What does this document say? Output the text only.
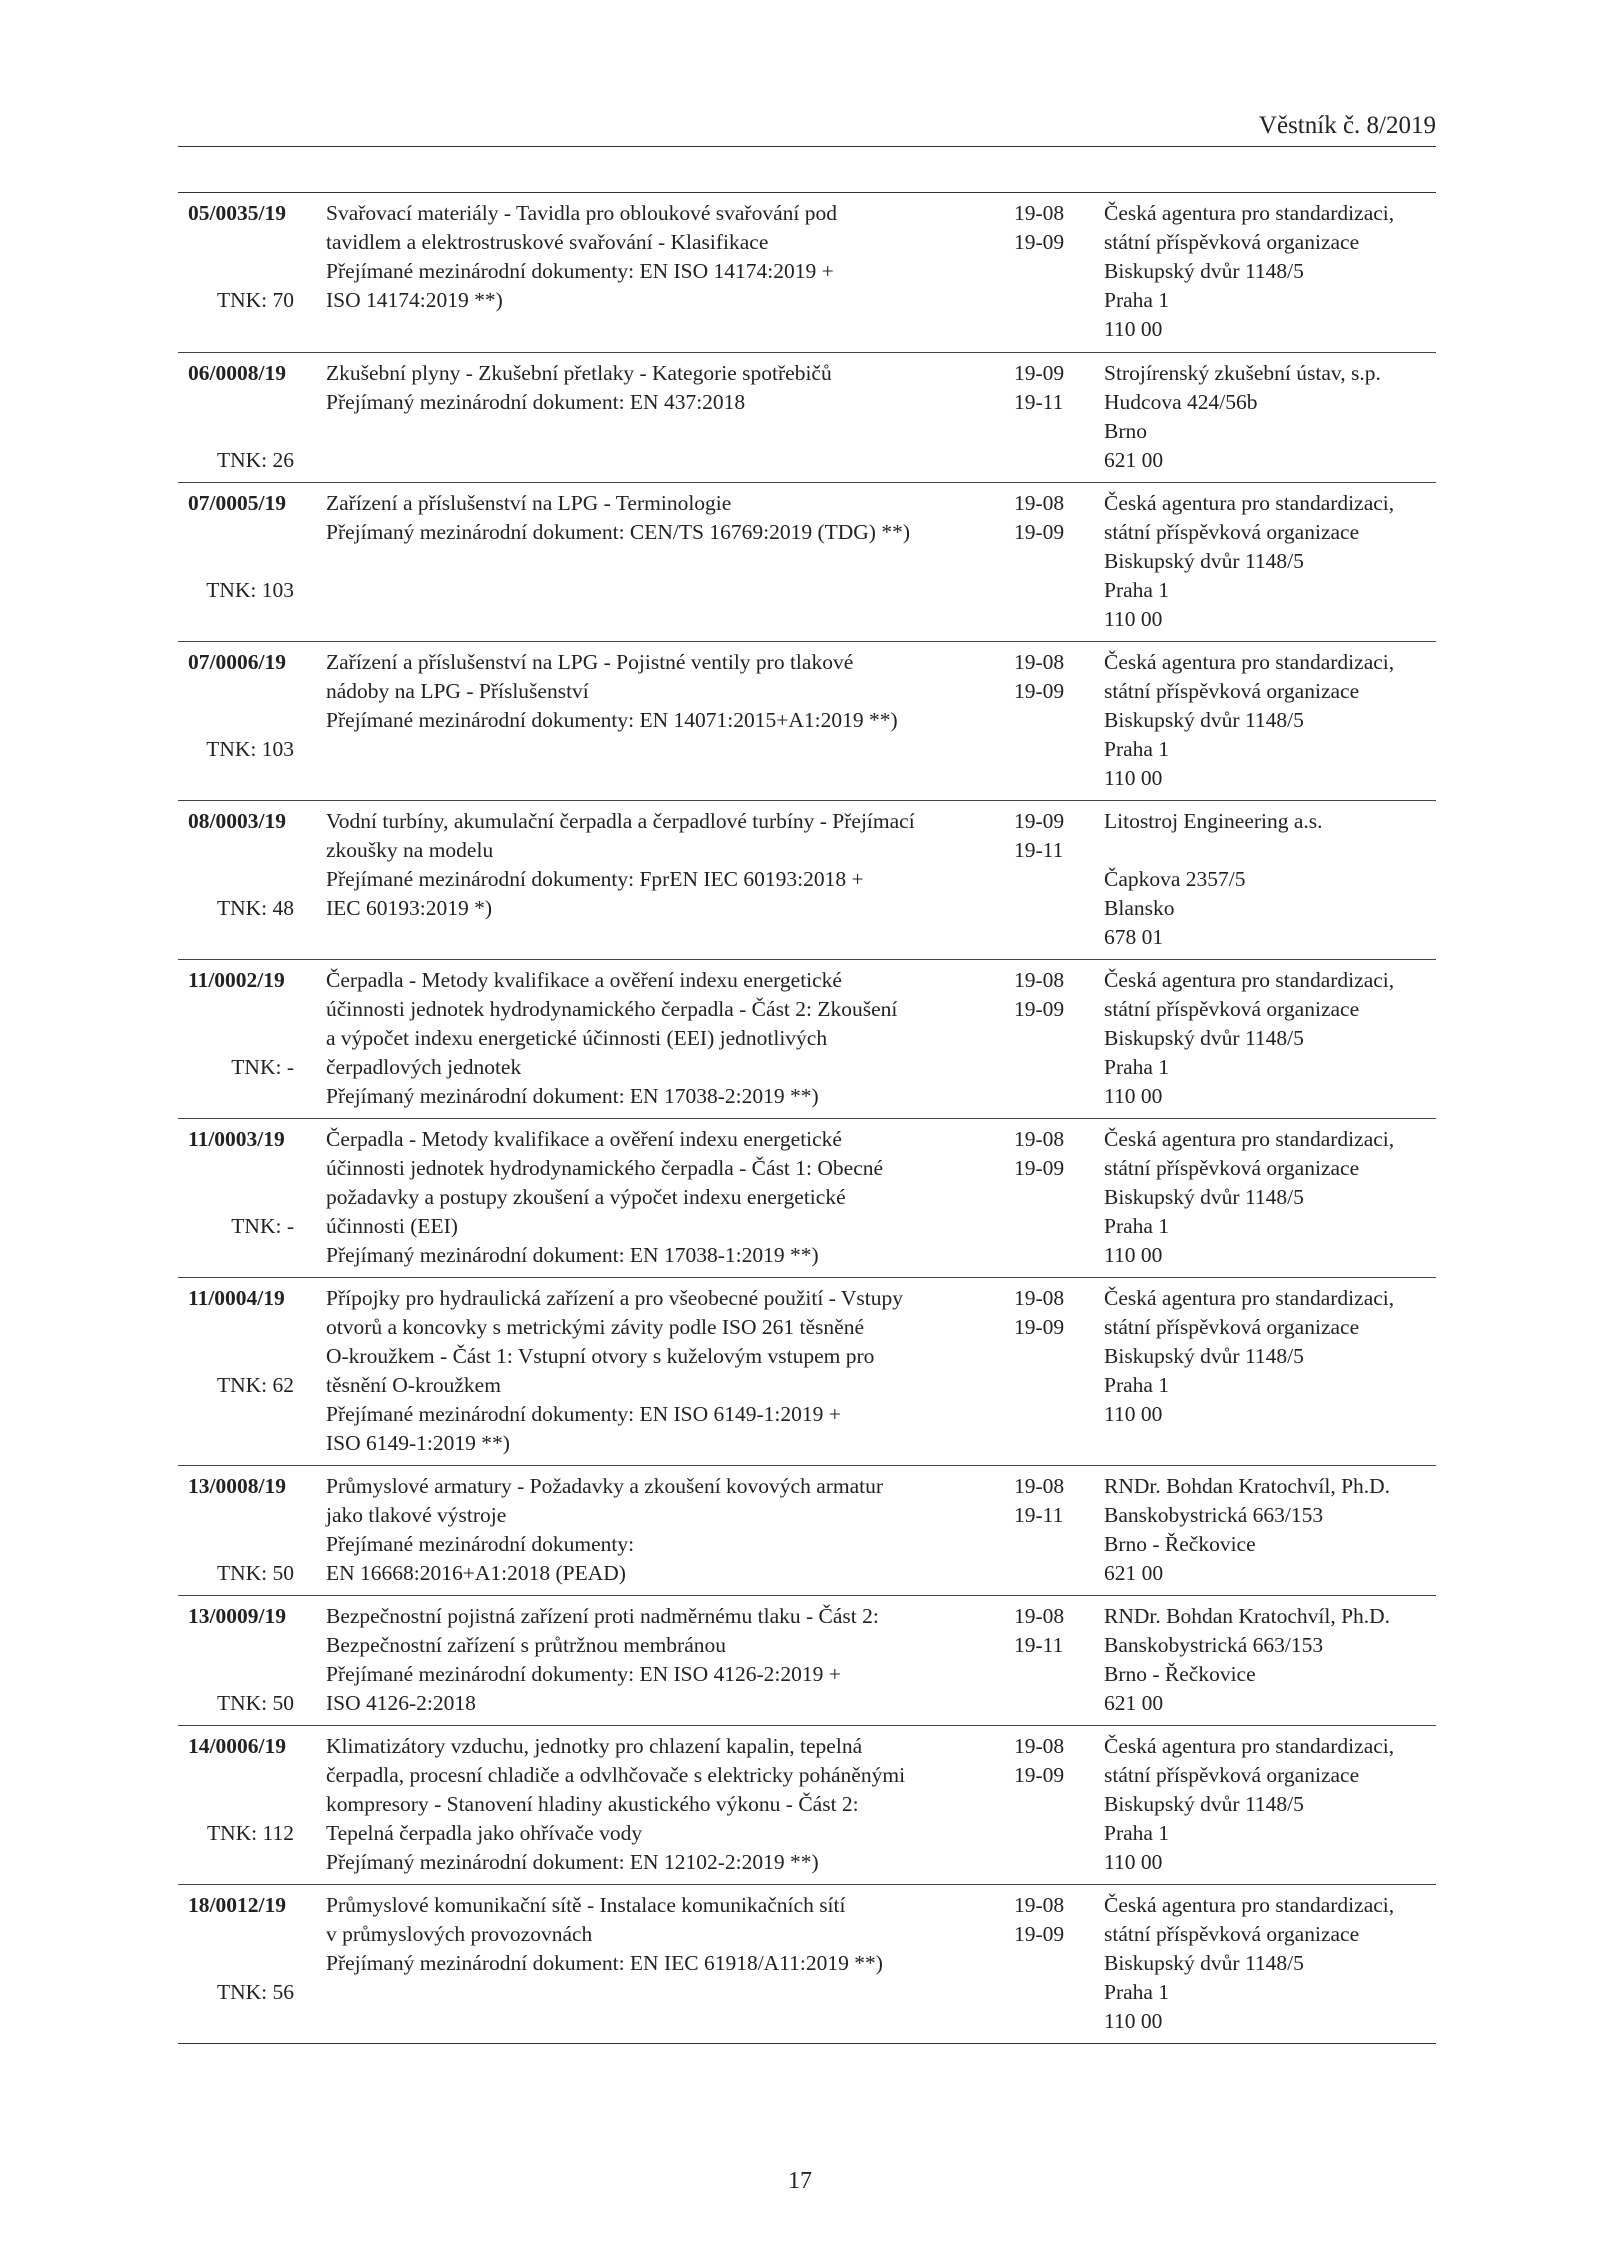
Věstník č. 8/2019
05/0035/19
TNK: 70
Svařovací materiály - Tavidla pro obloukové svařování pod
tavidlem a elektrostruskové svařování - Klasifikace
Přejímané mezinárodní dokumenty: EN ISO 14174:2019 +
ISO 14174:2019 **)
19-08
19-09
Česká agentura pro standardizaci,
státní příspěvková organizace
Biskupský dvůr 1148/5
Praha 1
110 00
06/0008/19
TNK: 26
Zkušební plyny - Zkušební přetlaky - Kategorie spotřebičů
Přejímaný mezinárodní dokument: EN 437:2018
19-09
19-11
Strojírenský zkušební ústav, s.p.
Hudcova 424/56b
Brno
621 00
07/0005/19
TNK: 103
Zařízení a příslušenství na LPG - Terminologie
Přejímaný mezinárodní dokument: CEN/TS 16769:2019 (TDG) **)
19-08
19-09
Česká agentura pro standardizaci,
státní příspěvková organizace
Biskupský dvůr 1148/5
Praha 1
110 00
07/0006/19
TNK: 103
Zařízení a příslušenství na LPG - Pojistné ventily pro tlakové
nádoby na LPG - Příslušenství
Přejímané mezinárodní dokumenty: EN 14071:2015+A1:2019 **)
19-08
19-09
Česká agentura pro standardizaci,
státní příspěvková organizace
Biskupský dvůr 1148/5
Praha 1
110 00
08/0003/19
TNK: 48
Vodní turbíny, akumulační čerpadla a čerpadlové turbíny - Přejímací
zkoušky na modelu
Přejímané mezinárodní dokumenty: FprEN IEC 60193:2018 +
IEC 60193:2019 *)
19-09
19-11
Litostroj Engineering a.s.
Čapkova 2357/5
Blansko
678 01
11/0002/19
TNK: -
Čerpadla - Metody kvalifikace a ověření indexu energetické
účinnosti jednotek hydrodynamického čerpadla - Část 2: Zkoušení
a výpočet indexu energetické účinnosti (EEI) jednotlivých
čerpadlových jednotek
Přejímaný mezinárodní dokument: EN 17038-2:2019 **)
19-08
19-09
Česká agentura pro standardizaci,
státní příspěvková organizace
Biskupský dvůr 1148/5
Praha 1
110 00
11/0003/19
TNK: -
Čerpadla - Metody kvalifikace a ověření indexu energetické
účinnosti jednotek hydrodynamického čerpadla - Část 1: Obecné
požadavky a postupy zkoušení a výpočet indexu energetické
účinnosti (EEI)
Přejímaný mezinárodní dokument: EN 17038-1:2019 **)
19-08
19-09
Česká agentura pro standardizaci,
státní příspěvková organizace
Biskupský dvůr 1148/5
Praha 1
110 00
11/0004/19
TNK: 62
Přípojky pro hydraulická zařízení a pro všeobecné použití - Vstupy
otvorů a koncovky s metrickými závity podle ISO 261 těsněné
O-kroužkem - Část 1: Vstupní otvory s kuželovým vstupem pro
těsnění O-kroužkem
Přejímané mezinárodní dokumenty: EN ISO 6149-1:2019 +
ISO 6149-1:2019 **)
19-08
19-09
Česká agentura pro standardizaci,
státní příspěvková organizace
Biskupský dvůr 1148/5
Praha 1
110 00
13/0008/19
TNK: 50
Průmyslové armatury - Požadavky a zkoušení kovových armatur
jako tlakové výstroje
Přejímané mezinárodní dokumenty:
EN 16668:2016+A1:2018 (PEAD)
19-08
19-11
RNDr. Bohdan Kratochvíl, Ph.D.
Banskobystrická 663/153
Brno - Řečkovice
621 00
13/0009/19
TNK: 50
Bezpečnostní pojistná zařízení proti nadměrnému tlaku - Část 2:
Bezpečnostní zařízení s průtržnou membránou
Přejímané mezinárodní dokumenty: EN ISO 4126-2:2019 +
ISO 4126-2:2018
19-08
19-11
RNDr. Bohdan Kratochvíl, Ph.D.
Banskobystrická 663/153
Brno - Řečkovice
621 00
14/0006/19
TNK: 112
Klimatizátory vzduchu, jednotky pro chlazení kapalin, tepelná
čerpadla, procesní chladiče a odvlhčovače s elektricky poháněnými
kompresory - Stanovení hladiny akustického výkonu - Část 2:
Tepelná čerpadla jako ohřívače vody
Přejímaný mezinárodní dokument: EN 12102-2:2019 **)
19-08
19-09
Česká agentura pro standardizaci,
státní příspěvková organizace
Biskupský dvůr 1148/5
Praha 1
110 00
18/0012/19
TNK: 56
Průmyslové komunikační sítě - Instalace komunikačních sítí
v průmyslových provozovnách
Přejímaný mezinárodní dokument: EN IEC 61918/A11:2019 **)
19-08
19-09
Česká agentura pro standardizaci,
státní příspěvková organizace
Biskupský dvůr 1148/5
Praha 1
110 00
17
